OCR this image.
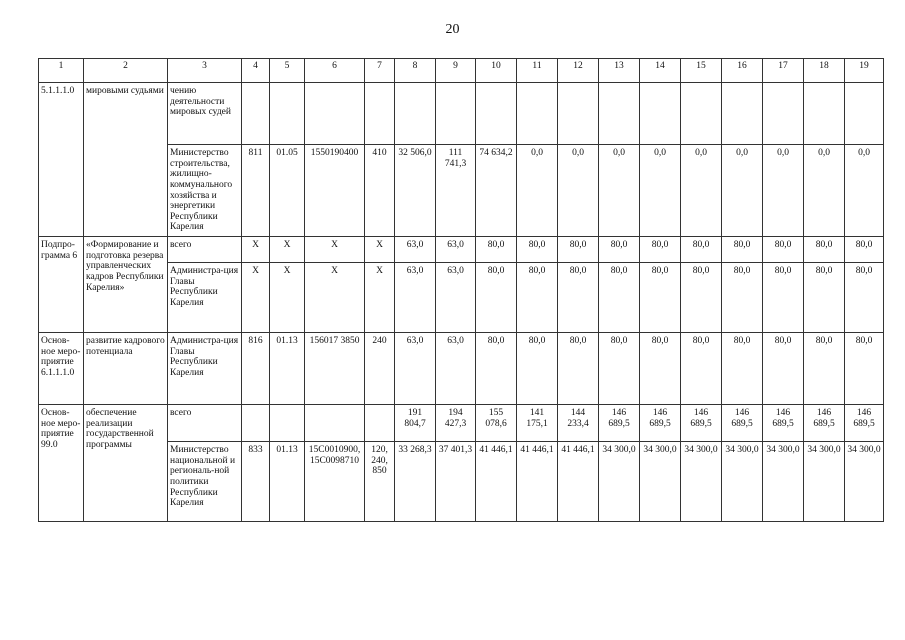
20
1	2	3	4	5	6	7	8	9	10	11	12	13	14	15	16	17	18	19
5.1.1.1.0	мировыми судьями	чению деятельности мировых судей																
		Министерство строительства, жилищно-коммунального хозяйства и энергетики Республики Карелия	811	01.05	1550190400	410	32 506,0	111 741,3	74 634,2	0,0	0,0	0,0	0,0	0,0	0,0	0,0	0,0	0,0
Подпро-грамма 6	«Формирование и подготовка резерва управленческих кадров Республики Карелия»	всего	X	X	X	X	63,0	63,0	80,0	80,0	80,0	80,0	80,0	80,0	80,0	80,0	80,0	80,0
		Администра-ция Главы Республики Карелия	X	X	X	X	63,0	63,0	80,0	80,0	80,0	80,0	80,0	80,0	80,0	80,0	80,0	80,0
Основ-ное меро-приятие 6.1.1.1.0	развитие кадрового потенциала	Администра-ция Главы Республики Карелия	816	01.13	156017 3850	240	63,0	63,0	80,0	80,0	80,0	80,0	80,0	80,0	80,0	80,0	80,0	80,0
Основ-ное меро-приятие 99.0	обеспечение реализации государственной программы	всего					191 804,7	194 427,3	155 078,6	141 175,1	144 233,4	146 689,5	146 689,5	146 689,5	146 689,5	146 689,5	146 689,5	146 689,5
		Министерство национальной и региональ-ной политики Республики Карелия	833	01.13	15С0010900, 15С0098710	120, 240, 850	33 268,3	37 401,3	41 446,1	41 446,1	41 446,1	34 300,0	34 300,0	34 300,0	34 300,0	34 300,0	34 300,0	34 300,0
